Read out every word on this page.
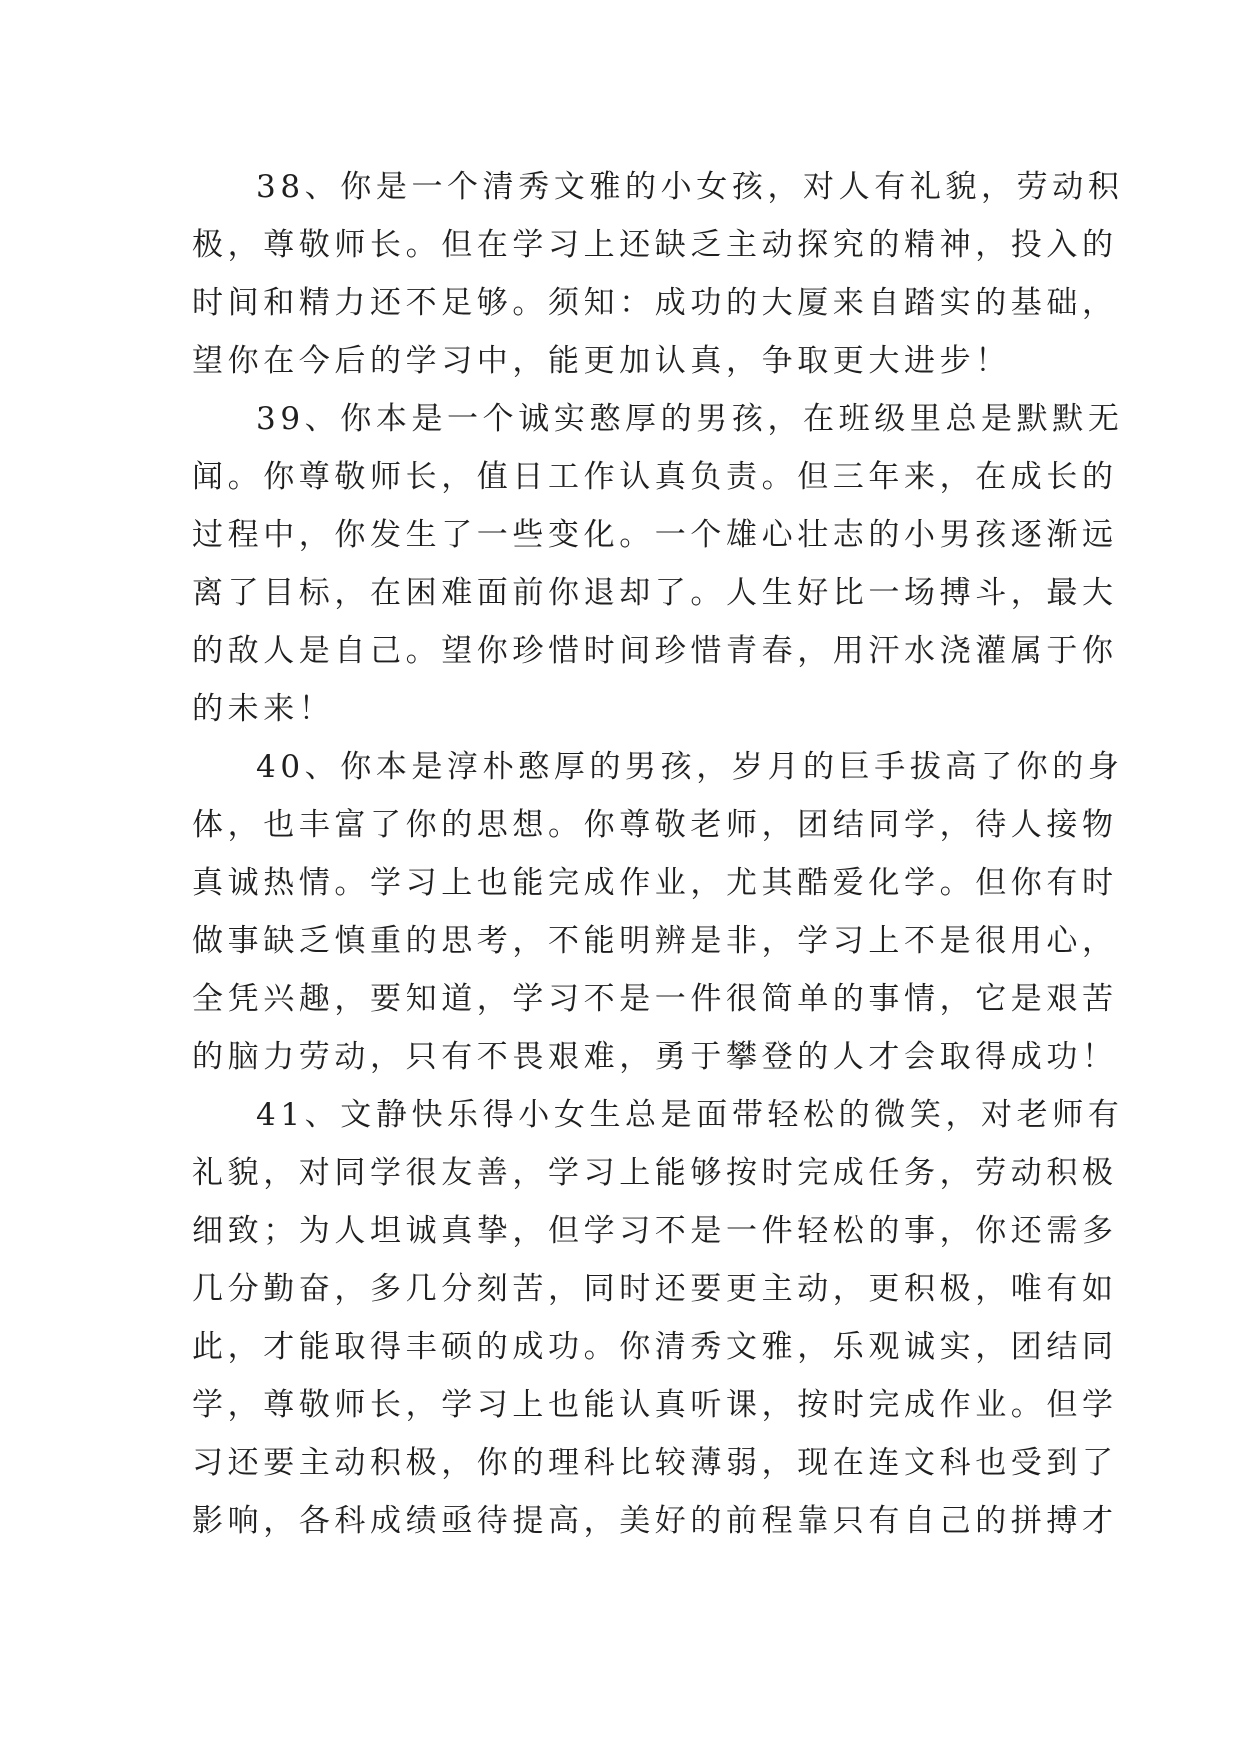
38、你是一个清秀文雅的小女孩，对人有礼貌，劳动积
极，尊敬师长。但在学习上还缺乏主动探究的精神，投入的
时间和精力还不足够。须知：成功的大厦来自踏实的基础，
望你在今后的学习中，能更加认真，争取更大进步！
39、你本是一个诚实憨厚的男孩，在班级里总是默默无
闻。你尊敬师长，值日工作认真负责。但三年来，在成长的
过程中，你发生了一些变化。一个雄心壮志的小男孩逐渐远
离了目标，在困难面前你退却了。人生好比一场搏斗，最大
的敌人是自己。望你珍惜时间珍惜青春，用汗水浇灌属于你
的未来！
40、你本是淳朴憨厚的男孩，岁月的巨手拔高了你的身
体，也丰富了你的思想。你尊敬老师，团结同学，待人接物
真诚热情。学习上也能完成作业，尤其酷爱化学。但你有时
做事缺乏慎重的思考，不能明辨是非，学习上不是很用心，
全凭兴趣，要知道，学习不是一件很简单的事情，它是艰苦
的脑力劳动，只有不畏艰难，勇于攀登的人才会取得成功！
41、文静快乐得小女生总是面带轻松的微笑，对老师有
礼貌，对同学很友善，学习上能够按时完成任务，劳动积极
细致；为人坦诚真挚，但学习不是一件轻松的事，你还需多
几分勤奋，多几分刻苦，同时还要更主动，更积极，唯有如
此，才能取得丰硕的成功。你清秀文雅，乐观诚实，团结同
学，尊敬师长，学习上也能认真听课，按时完成作业。但学
习还要主动积极，你的理科比较薄弱，现在连文科也受到了
影响，各科成绩亟待提高，美好的前程靠只有自己的拼搏才
